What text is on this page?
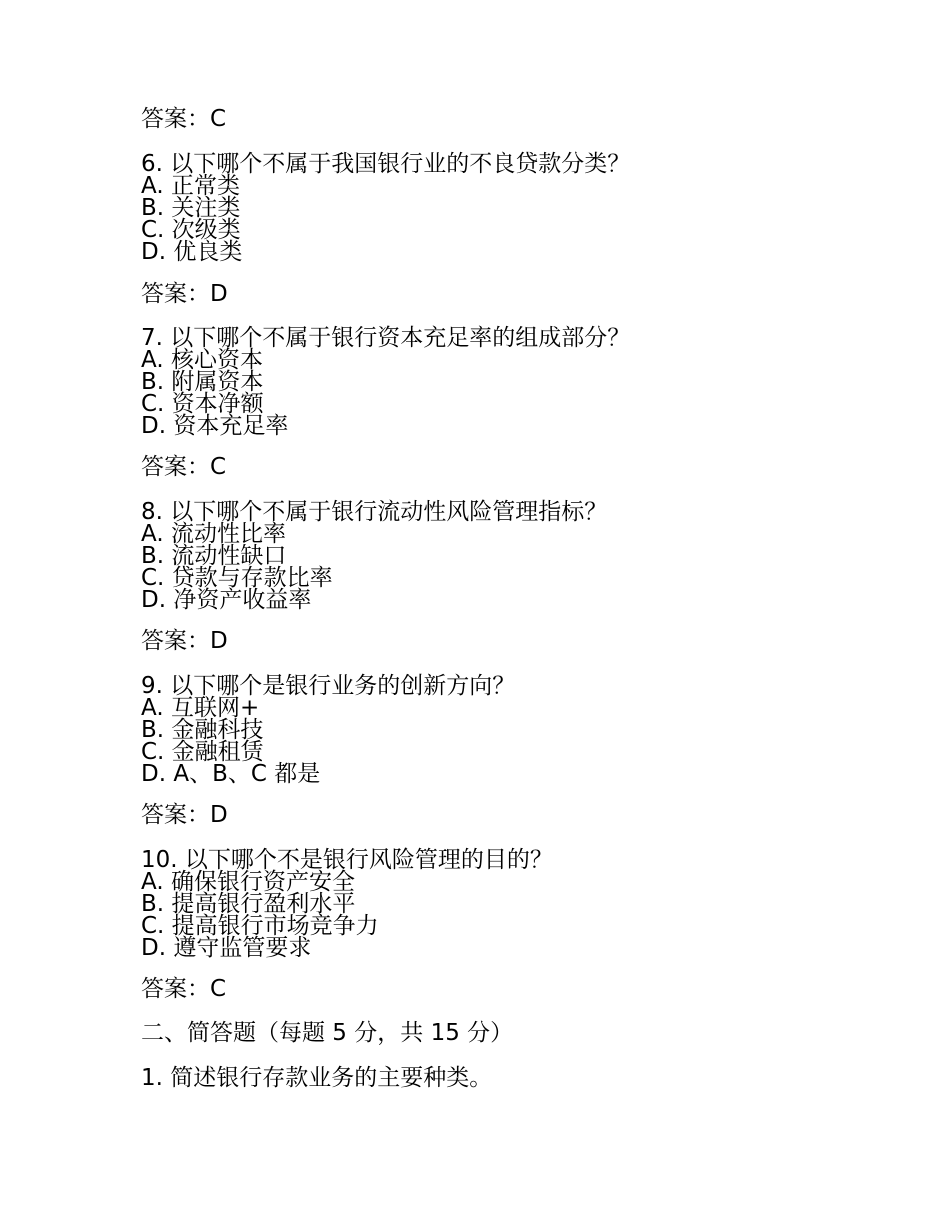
答案：C
6. 以下哪个不属于我国银行业的不良贷款分类？
A. 正常类
B. 关注类
C. 次级类
D. 优良类
答案：D
7. 以下哪个不属于银行资本充足率的组成部分？
A. 核心资本
B. 附属资本
C. 资本净额
D. 资本充足率
答案：C
8. 以下哪个不属于银行流动性风险管理指标？
A. 流动性比率
B. 流动性缺口
C. 贷款与存款比率
D. 净资产收益率
答案：D
9. 以下哪个是银行业务的创新方向？
A. 互联网+
B. 金融科技
C. 金融租赁
D. A、B、C 都是
答案：D
10. 以下哪个不是银行风险管理的目的？
A. 确保银行资产安全
B. 提高银行盈利水平
C. 提高银行市场竞争力
D. 遵守监管要求
答案：C
二、简答题（每题 5 分，共 15 分）
1. 简述银行存款业务的主要种类。
